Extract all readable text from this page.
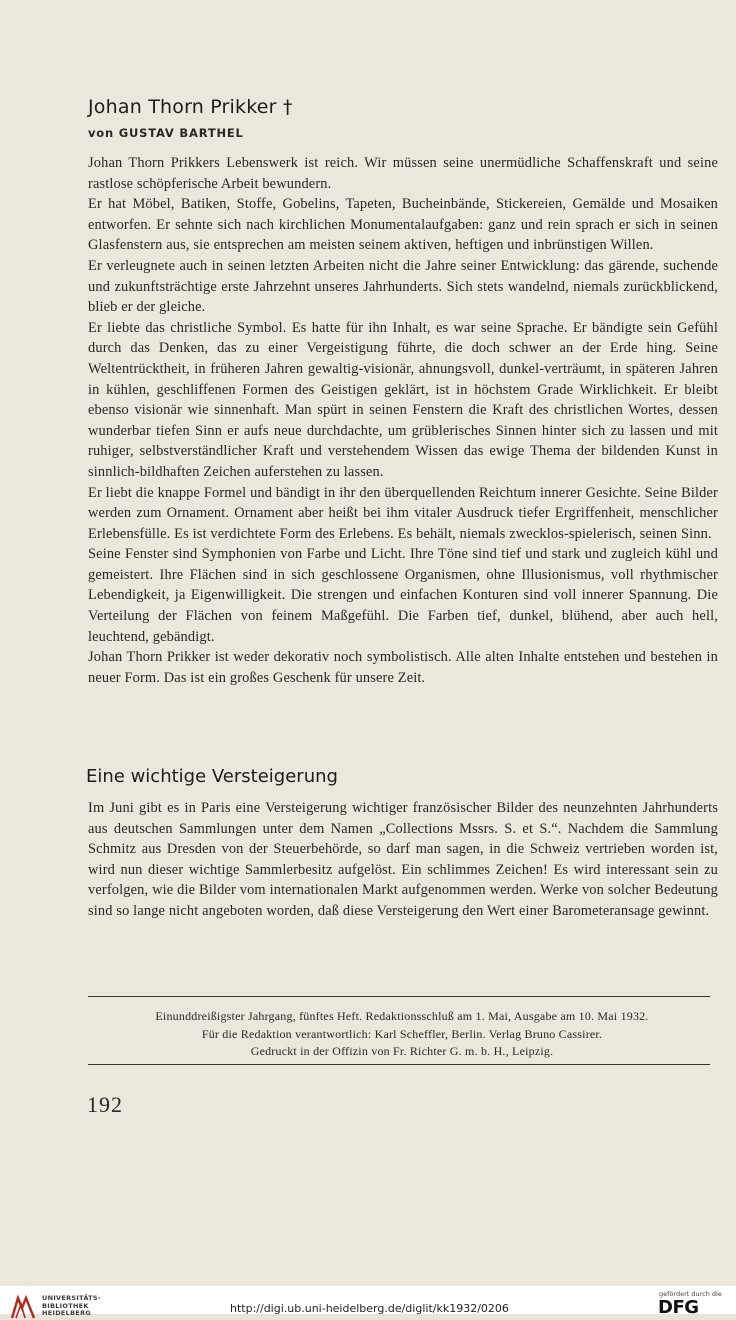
Johan Thorn Prikker †
von GUSTAV BARTHEL

Johan Thorn Prikkers Lebenswerk ist reich. Wir müssen seine unermüdliche Schaffenskraft und seine rastlose schöpferische Arbeit bewundern.

Er hat Möbel, Batiken, Stoffe, Gobelins, Tapeten, Bucheinbände, Stickereien, Gemälde und Mosaiken entworfen. Er sehnte sich nach kirchlichen Monumentalaufgaben: ganz und rein sprach er sich in seinen Glasfenstern aus, sie entsprechen am meisten seinem aktiven, heftigen und inbrünstigen Willen.

Er verleugnete auch in seinen letzten Arbeiten nicht die Jahre seiner Entwicklung: das gärende, suchende und zukunftsträchtige erste Jahrzehnt unseres Jahrhunderts. Sich stets wandelnd, niemals zurückblickend, blieb er der gleiche.

Er liebte das christliche Symbol. Es hatte für ihn Inhalt, es war seine Sprache. Er bändigte sein Gefühl durch das Denken, das zu einer Vergeistigung führte, die doch schwer an der Erde hing. Seine Weltentrücktheit, in früheren Jahren gewaltig-visionär, ahnungsvoll, dunkel-verträumt, in späteren Jahren in kühlen, geschliffenen Formen des Geistigen geklärt, ist in höchstem Grade Wirklichkeit. Er bleibt ebenso visionär wie sinnenhaft. Man spürt in seinen Fenstern die Kraft des christlichen Wortes, dessen wunderbar tiefen Sinn er aufs neue durchdachte, um grüblerisches Sinnen hinter sich zu lassen und mit ruhiger, selbstverständlicher Kraft und verstehendem Wissen das ewige Thema der bildenden Kunst in sinnlich-bildhaften Zeichen auferstehen zu lassen.

Er liebt die knappe Formel und bändigt in ihr den überquellenden Reichtum innerer Gesichte. Seine Bilder werden zum Ornament. Ornament aber heißt bei ihm vitaler Ausdruck tiefer Ergriffenheit, menschlicher Erlebensfülle. Es ist verdichtete Form des Erlebens. Es behält, niemals zwecklos-spielerisch, seinen Sinn.

Seine Fenster sind Symphonien von Farbe und Licht. Ihre Töne sind tief und stark und zugleich kühl und gemeistert. Ihre Flächen sind in sich geschlossene Organismen, ohne Illusionismus, voll rhythmischer Lebendigkeit, ja Eigenwilligkeit. Die strengen und einfachen Konturen sind voll innerer Spannung. Die Verteilung der Flächen von feinem Maßgefühl. Die Farben tief, dunkel, blühend, aber auch hell, leuchtend, gebändigt.

Johan Thorn Prikker ist weder dekorativ noch symbolistisch. Alle alten Inhalte entstehen und bestehen in neuer Form. Das ist ein großes Geschenk für unsere Zeit.

Eine wichtige Versteigerung

Im Juni gibt es in Paris eine Versteigerung wichtiger französischer Bilder des neunzehnten Jahrhunderts aus deutschen Sammlungen unter dem Namen „Collections Mssrs. S. et S.“. Nachdem die Sammlung Schmitz aus Dresden von der Steuerbehörde, so darf man sagen, in die Schweiz vertrieben worden ist, wird nun dieser wichtige Sammlerbesitz aufgelöst. Ein schlimmes Zeichen! Es wird interessant sein zu verfolgen, wie die Bilder vom internationalen Markt aufgenommen werden. Werke von solcher Bedeutung sind so lange nicht angeboten worden, daß diese Versteigerung den Wert einer Barometeransage gewinnt.

Einunddreißigster Jahrgang, fünftes Heft. Redaktionsschluß am 1. Mai, Ausgabe am 10. Mai 1932.
Für die Redaktion verantwortlich: Karl Scheffler, Berlin. Verlag Bruno Cassirer.
Gedruckt in der Offizin von Fr. Richter G. m. b. H., Leipzig.
192
UNIVERSITÄTS-
BIBLIOTHEK
HEIDELBERG	http://digi.ub.uni-heidelberg.de/diglit/kk1932/0206
gefördert durch die
DFG
